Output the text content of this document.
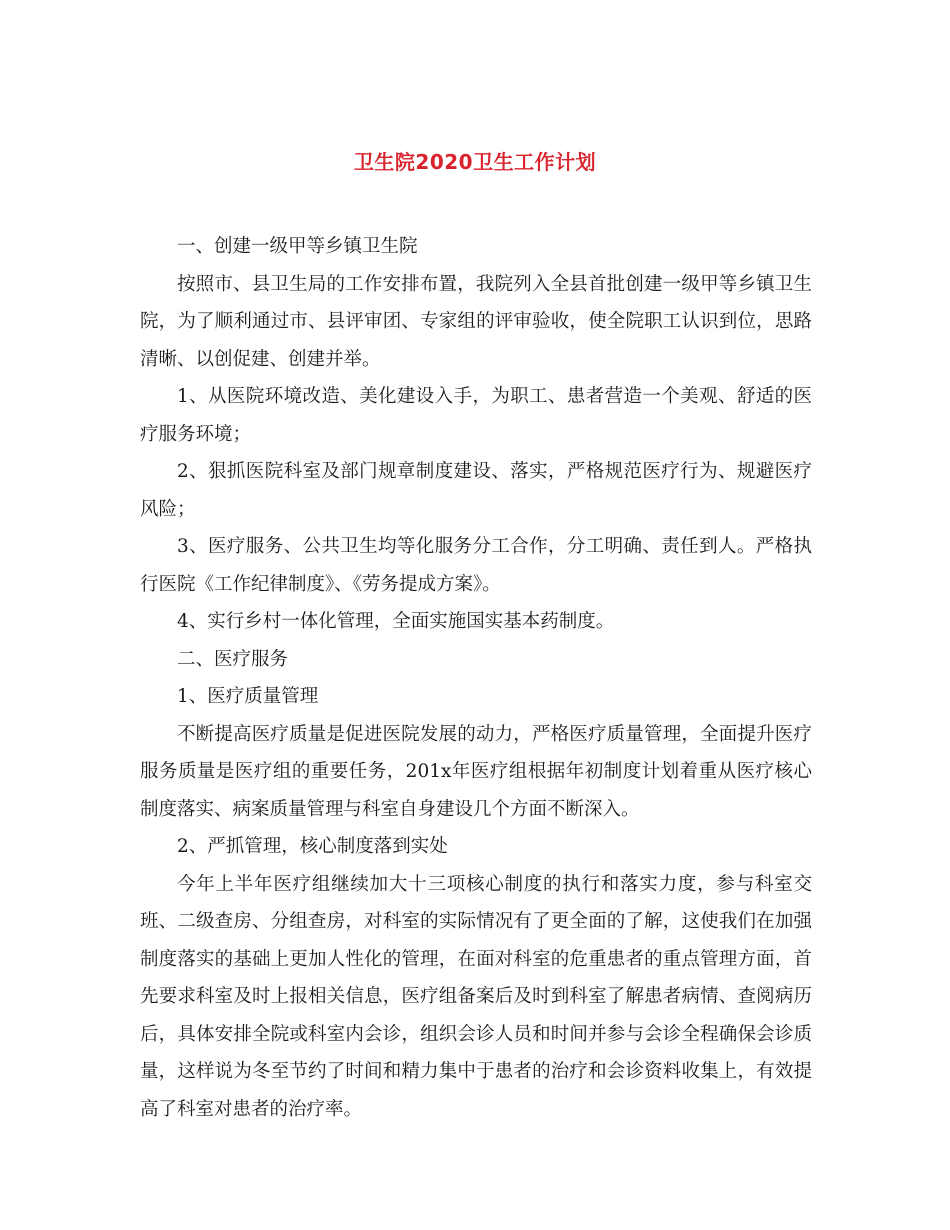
卫生院2020卫生工作计划

一、创建一级甲等乡镇卫生院

按照市、县卫生局的工作安排布置，我院列入全县首批创建一级甲等乡镇卫生院，为了顺利通过市、县评审团、专家组的评审验收，使全院职工认识到位，思路清晰、以创促建、创建并举。

1、从医院环境改造、美化建设入手，为职工、患者营造一个美观、舒适的医疗服务环境；

2、狠抓医院科室及部门规章制度建设、落实，严格规范医疗行为、规避医疗风险；

3、医疗服务、公共卫生均等化服务分工合作，分工明确、责任到人。严格执行医院《工作纪律制度》、《劳务提成方案》。

4、实行乡村一体化管理，全面实施国实基本药制度。

二、医疗服务

1、医疗质量管理

不断提高医疗质量是促进医院发展的动力，严格医疗质量管理，全面提升医疗服务质量是医疗组的重要任务，201x年医疗组根据年初制度计划着重从医疗核心制度落实、病案质量管理与科室自身建设几个方面不断深入。

2、严抓管理，核心制度落到实处

今年上半年医疗组继续加大十三项核心制度的执行和落实力度，参与科室交班、二级查房、分组查房，对科室的实际情况有了更全面的了解，这使我们在加强制度落实的基础上更加人性化的管理，在面对科室的危重患者的重点管理方面，首先要求科室及时上报相关信息，医疗组备案后及时到科室了解患者病情、查阅病历后，具体安排全院或科室内会诊，组织会诊人员和时间并参与会诊全程确保会诊质量，这样说为冬至节约了时间和精力集中于患者的治疗和会诊资料收集上，有效提高了科室对患者的治疗率。
